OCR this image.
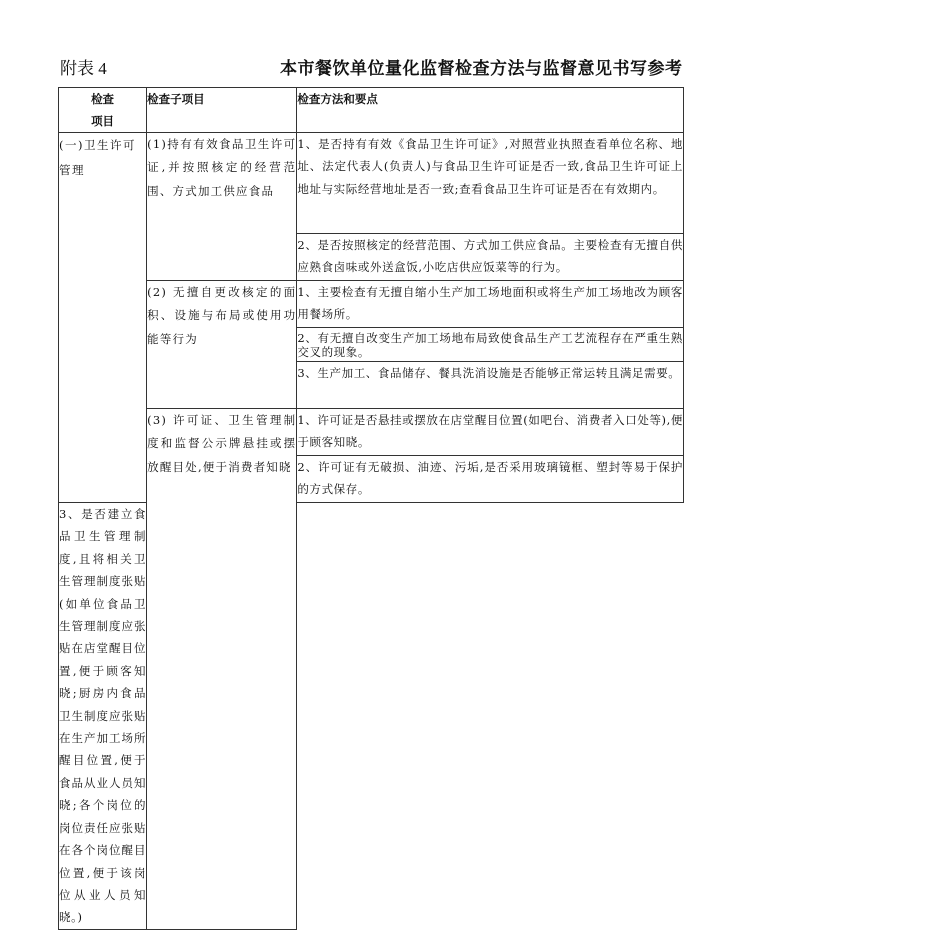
附表 4	本市餐饮单位量化监督检查方法与监督意见书写参考
检查
项目	检查子项目	检查方法和要点
(一)卫生许可管理	(1)持有有效食品卫生许可证,并按照核定的经营范围、方式加工供应食品	1、是否持有有效《食品卫生许可证》,对照营业执照查看单位名称、地址、法定代表人(负责人)与食品卫生许可证是否一致,食品卫生许可证上地址与实际经营地址是否一致;查看食品卫生许可证是否在有效期内。
		2、是否按照核定的经营范围、方式加工供应食品。主要检查有无擅自供应熟食卤味或外送盒饭,小吃店供应饭菜等的行为。
	(2) 无擅自更改核定的面积、设施与布局或使用功能等行为	1、主要检查有无擅自缩小生产加工场地面积或将生产加工场地改为顾客用餐场所。
		2、有无擅自改变生产加工场地布局致使食品生产工艺流程存在严重生熟交叉的现象。
		3、生产加工、食品储存、餐具洗消设施是否能够正常运转且满足需要。
	(3) 许可证、卫生管理制度和监督公示牌悬挂或摆放醒目处,便于消费者知晓	1、许可证是否悬挂或摆放在店堂醒目位置(如吧台、消费者入口处等),便于顾客知晓。
		2、许可证有无破损、油迹、污垢,是否采用玻璃镜框、塑封等易于保护的方式保存。
3、是否建立食品卫生管理制度,且将相关卫生管理制度张贴(如单位食品卫生管理制度应张贴在店堂醒目位置,便于顾客知晓;厨房内食品卫生制度应张贴在生产加工场所醒目位置,便于食品从业人员知晓;各个岗位的岗位责任应张贴在各个岗位醒目位置,便于该岗位从业人员知晓。)		
